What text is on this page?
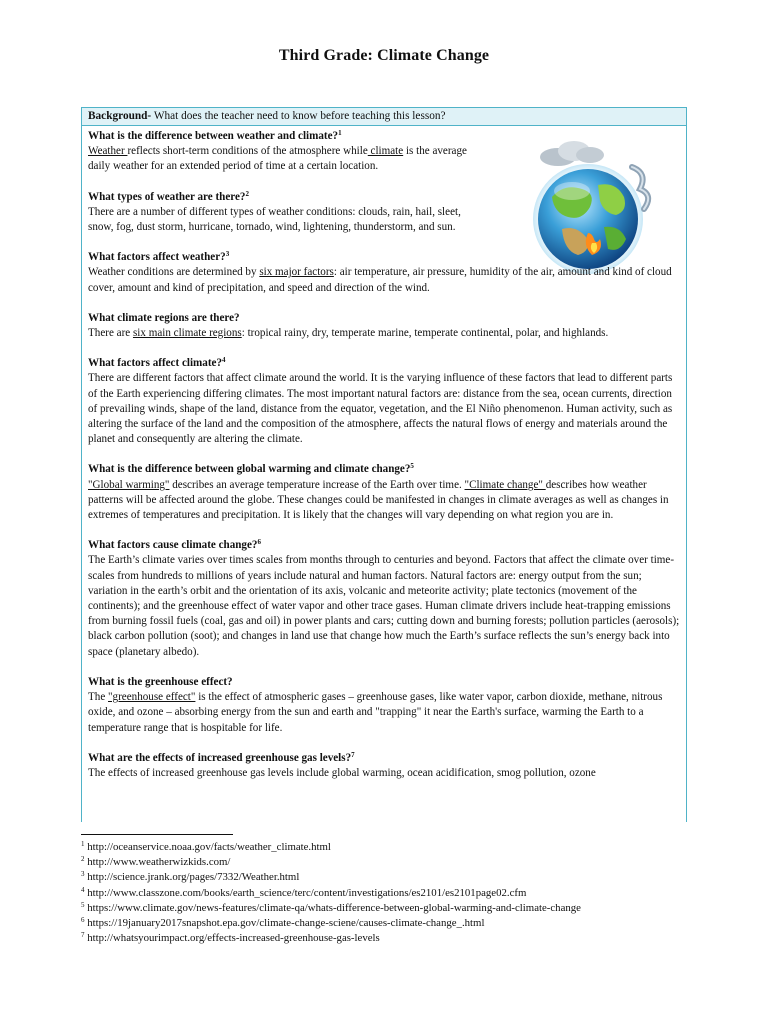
Third Grade: Climate Change
Background- What does the teacher need to know before teaching this lesson?
What is the difference between weather and climate?$^1$
Weather reflects short-term conditions of the atmosphere while climate is the average daily weather for an extended period of time at a certain location.
What types of weather are there?$^2$
There are a number of different types of weather conditions: clouds, rain, hail, sleet, snow, fog, dust storm, hurricane, tornado, wind, lightening, thunderstorm, and sun.
What factors affect weather?$^3$
Weather conditions are determined by six major factors: air temperature, air pressure, humidity of the air, amount and kind of cloud cover, amount and kind of precipitation, and speed and direction of the wind.
What climate regions are there?
There are six main climate regions: tropical rainy, dry, temperate marine, temperate continental, polar, and highlands.
What factors affect climate?$^4$
There are different factors that affect climate around the world. It is the varying influence of these factors that lead to different parts of the Earth experiencing differing climates. The most important natural factors are: distance from the sea, ocean currents, direction of prevailing winds, shape of the land, distance from the equator, vegetation, and the El Niño phenomenon. Human activity, such as altering the surface of the land and the composition of the atmosphere, affects the natural flows of energy and materials around the planet and consequently are altering the climate.
What is the difference between global warming and climate change?$^5$
"Global warming" describes an average temperature increase of the Earth over time. "Climate change" describes how weather patterns will be affected around the globe. These changes could be manifested in changes in climate averages as well as changes in extremes of temperatures and precipitation. It is likely that the changes will vary depending on what region you are in.
What factors cause climate change?$^6$
The Earth’s climate varies over times scales from months through to centuries and beyond. Factors that affect the climate over time-scales from hundreds to millions of years include natural and human factors. Natural factors are: energy output from the sun; variation in the earth’s orbit and the orientation of its axis, volcanic and meteorite activity; plate tectonics (movement of the continents); and the greenhouse effect of water vapor and other trace gases. Human climate drivers include heat-trapping emissions from burning fossil fuels (coal, gas and oil) in power plants and cars; cutting down and burning forests; pollution particles (aerosols); black carbon pollution (soot); and changes in land use that change how much the Earth’s surface reflects the sun’s energy back into space (planetary albedo).
What is the greenhouse effect?
The "greenhouse effect" is the effect of atmospheric gases – greenhouse gases, like water vapor, carbon dioxide, methane, nitrous oxide, and ozone – absorbing energy from the sun and earth and "trapping" it near the Earth's surface, warming the Earth to a temperature range that is hospitable for life.
What are the effects of increased greenhouse gas levels?$^7$
The effects of increased greenhouse gas levels include global warming, ocean acidification, smog pollution, ozone
$^1$ http://oceanservice.noaa.gov/facts/weather_climate.html
$^2$ http://www.weatherwizkids.com/
$^3$ http://science.jrank.org/pages/7332/Weather.html
$^4$ http://www.classzone.com/books/earth_science/terc/content/investigations/es2101/es2101page02.cfm
$^5$ https://www.climate.gov/news-features/climate-qa/whats-difference-between-global-warming-and-climate-change
$^6$ https://19january2017snapshot.epa.gov/climate-change-sciene/causes-climate-change_.html
$^7$ http://whatsyourimpact.org/effects-increased-greenhouse-gas-levels
